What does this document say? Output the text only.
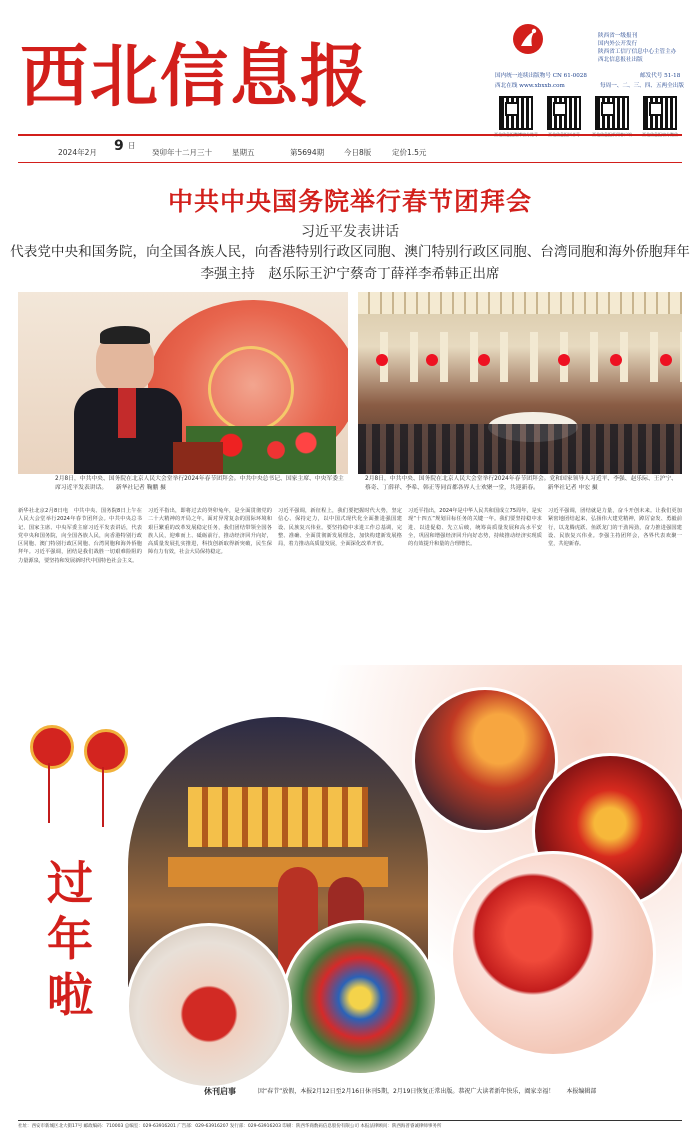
西北信息报
陕西省一级报刊
国内外公开发行
陕西省工信厅信息中心主管主办
西北信息报社出版
国内统一连续出版物号 CN 61-0028	邮发代号 51-18
西北在线 www.xbxxb.com	每周一、二、三、四、五两全出版
西北信息报微博官方账号	西北信息报抖音号	西北信息报新闻客户端	西北信息报官方微信
2024年2月 9 日
癸卯年十二月三十	星期五	第5694期	今日8版	定价1.5元
中共中央国务院举行春节团拜会
习近平发表讲话
代表党中央和国务院，向全国各族人民，向香港特别行政区同胞、澳门特别行政区同胞、台湾同胞和海外侨胞拜年
李强主持　赵乐际王沪宁蔡奇丁薛祥李希韩正出席
2月8日，中共中央、国务院在北京人民大会堂举行2024年春节团拜会。中共中央总书记、国家主席、中央军委主席习近平发表讲话。　　新华社记者 鞠鹏 摄
2月8日，中共中央、国务院在北京人民大会堂举行2024年春节团拜会。党和国家领导人习近平、李强、赵乐际、王沪宁、蔡奇、丁薛祥、李希、韩正等同首都各界人士欢聚一堂，共迎新春。　　新华社记者 申宏 摄
新华社北京2月8日电　中共中央、国务院8日上午在人民大会堂举行2024年春节团拜会。中共中央总书记、国家主席、中央军委主席习近平发表讲话，代表党中央和国务院，向全国各族人民，向香港特别行政区同胞、澳门特别行政区同胞、台湾同胞和海外侨胞拜年。习近平强调，团结是我们战胜一切艰难险阻的力量源泉，要坚持和发展新时代中国特色社会主义。
习近平指出，即将过去的癸卯兔年，是全面贯彻党的二十大精神的开局之年。面对异常复杂的国际环境和艰巨繁重的改革发展稳定任务，我们团结带领全国各族人民，迎难而上、砥砺前行，推动经济回升向好，高质量发展扎实推进，科技创新取得新突破，民生保障有力有效，社会大局保持稳定。
习近平强调，新征程上，我们要把握时代大势，坚定信心、保持定力，以中国式现代化全面推进强国建设、民族复兴伟业。要坚持稳中求进工作总基调，完整、准确、全面贯彻新发展理念，加快构建新发展格局，着力推动高质量发展，全面深化改革开放。
习近平指出，2024年是中华人民共和国成立75周年，是实现“十四五”规划目标任务的关键一年。我们要坚持稳中求进、以进促稳、先立后破，统筹高质量发展和高水平安全，巩固和增强经济回升向好态势，持续推动经济实现质的有效提升和量的合理增长。
习近平强调，团结就是力量，奋斗开创未来。让我们更加紧密地团结起来，弘扬伟大建党精神，踔厉奋发、勇毅前行，以龙腾虎跃、鱼跃龙门的干劲闯劲，奋力推进强国建设、民族复兴伟业。李强主持团拜会，各界代表欢聚一堂，共迎新春。
过
年
啦
休刊启事	因“春节”放假，本报2月12日至2月16日休刊5期，2月19日恢复正常出版。恭祝广大读者新年快乐，阖家幸福！　　本报编辑部
社址：西安市新城区北大街17号 邮政编码：710003 总编室：029-63916201 广告部：029-63916207 发行部：029-63916203 印刷：陕西华商数码信息股份有限公司 本报法律顾问：陕西海普睿诚律师事务所
